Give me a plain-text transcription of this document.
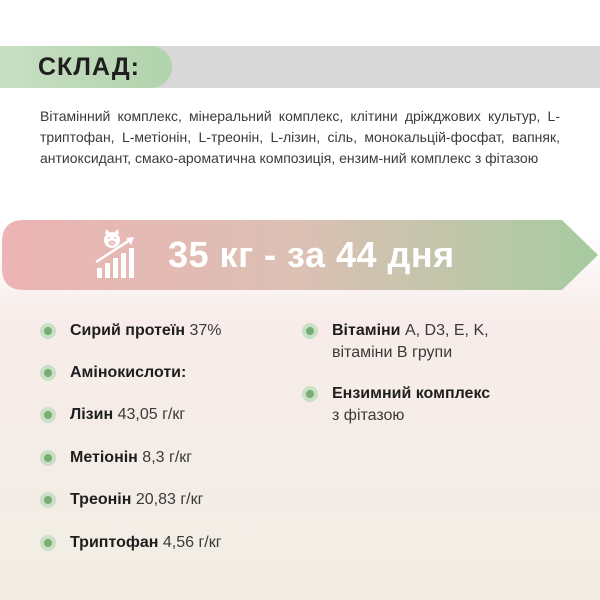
СКЛАД:
Вітамінний комплекс, мінеральний комплекс, клітини дріжджових культур, L-триптофан, L-метіонін, L-треонін, L-лізин, сіль, монокальцій-фосфат, вапняк, антиоксидант, смако-ароматична композиція, ензим-ний комплекс з фітазою
35 кг - за 44 дня
Сирий протеїн 37%
Амінокислоти:
Лізин 43,05 г/кг
Метіонін 8,3 г/кг
Треонін 20,83 г/кг
Триптофан 4,56 г/кг
Вітаміни A, D3, E, K,
вітаміни В групи
Ензимний комплекс
з фітазою
